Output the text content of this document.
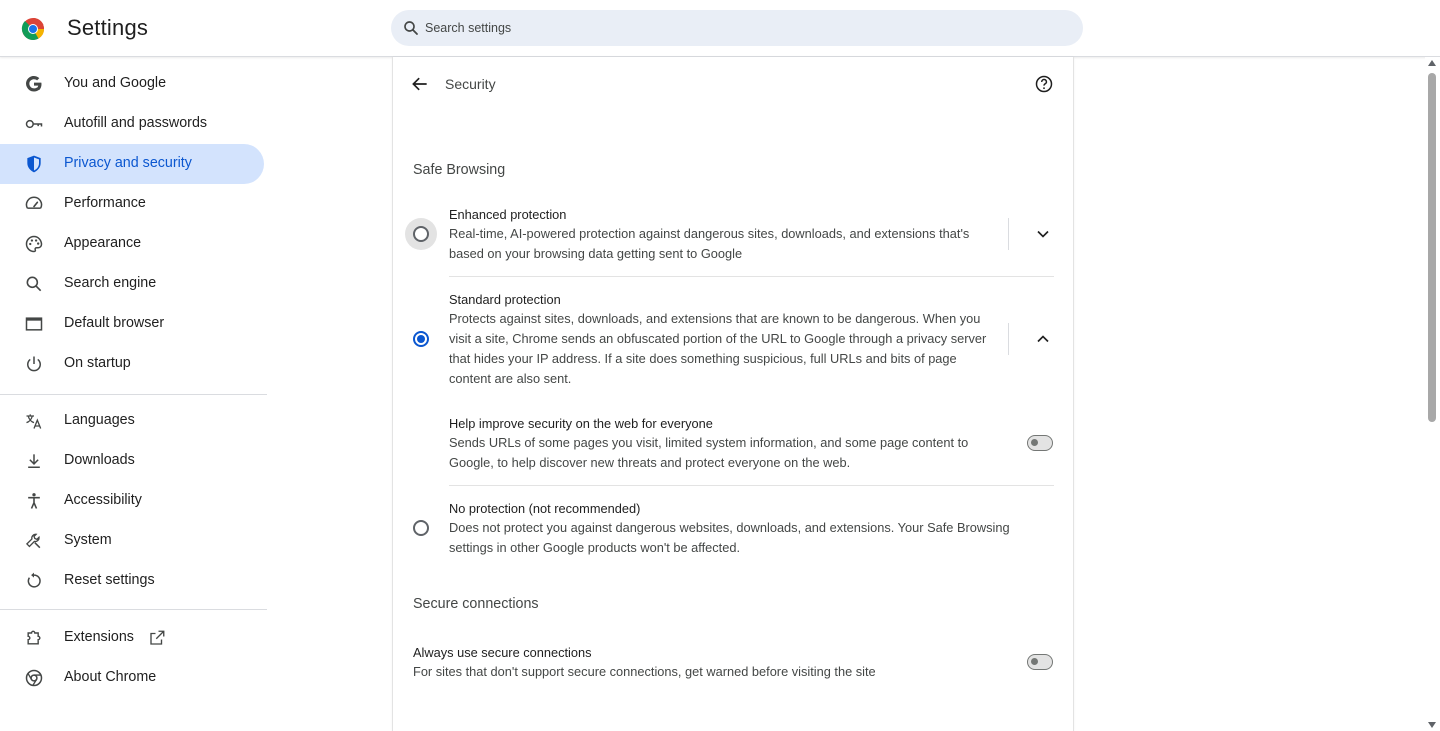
Settings
Search settings
You and Google
Autofill and passwords
Privacy and security
Performance
Appearance
Search engine
Default browser
On startup
Languages
Downloads
Accessibility
System
Reset settings
Extensions
About Chrome
Security
Safe Browsing
Enhanced protection
Real-time, AI-powered protection against dangerous sites, downloads, and extensions that's
based on your browsing data getting sent to Google
Standard protection
Protects against sites, downloads, and extensions that are known to be dangerous. When you
visit a site, Chrome sends an obfuscated portion of the URL to Google through a privacy server
that hides your IP address. If a site does something suspicious, full URLs and bits of page
content are also sent.
Help improve security on the web for everyone
Sends URLs of some pages you visit, limited system information, and some page content to
Google, to help discover new threats and protect everyone on the web.
No protection (not recommended)
Does not protect you against dangerous websites, downloads, and extensions. Your Safe Browsing
settings in other Google products won't be affected.
Secure connections
Always use secure connections
For sites that don't support secure connections, get warned before visiting the site
